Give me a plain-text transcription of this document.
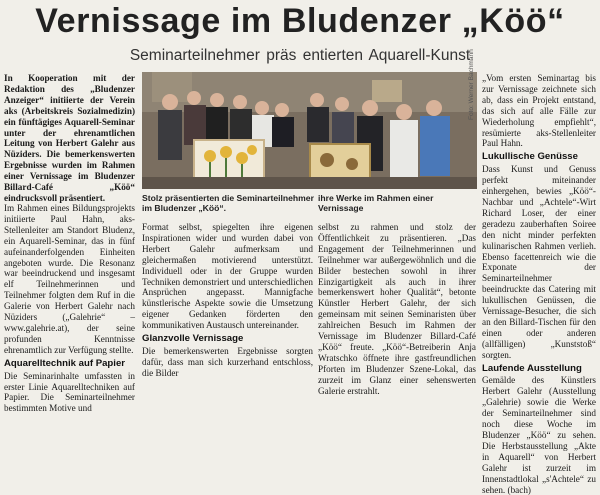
Vernissage im Bludenzer „Köö“
Seminarteilnehmer präs entierten Aquarell-Kunst

In Kooperation mit der Redaktion des „Bludenzer Anzeiger“ initiierte der Verein aks (Arbeitskreis Sozialmedizin) ein fünftägiges Aquarell-Seminar unter der ehrenamtlichen Leitung von Herbert Galehr aus Nüziders. Die bemerkenswerten Ergebnisse wurden im Rahmen einer Vernissage im Bludenzer Billard-Café „Köö“ eindrucksvoll präsentiert.

Im Rahmen eines Bildungsprojekts initiierte Paul Hahn, aks-Stellenleiter am Standort Bludenz, ein Aquarell-Seminar, das in fünf aufeinanderfolgenden Einheiten angeboten wurde. Die Resonanz war beeindruckend und insgesamt elf Teilnehmerinnen und Teilnehmer folgten dem Ruf in die Galerie von Herbert Galehr nach Nüziders („Galehrie“ – www.galehrie.at), der seine profunden Kenntnisse ehrenamtlich zur Verfügung stellte.

Aquarelltechnik auf Papier

Die Seminarinhalte umfassten in erster Linie Aquarelltechniken auf Papier. Die Seminarteilnehmer bestimmten Motive und

Foto: Werner Bachmann
Stolz präsentierten die Seminarteilnehmer im Bludenzer „Köö“.
ihre Werke im Rahmen einer Vernissage

Format selbst, spiegelten ihre eigenen Inspirationen wider und wurden dabei von Herbert Galehr aufmerksam und gleichermaßen motivierend unterstützt. Individuell oder in der Gruppe wurden Techniken demonstriert und unterschiedlichen Ansprüchen angepasst. Mannigfache künstlerische Aspekte sowie die Umsetzung eigener Gedanken förderten den kommunikativen Austausch untereinander.

Glanzvolle Vernissage

Die bemerkenswerten Ergebnisse sorgten dafür, dass man sich kurzerhand entschloss, die Bilder

selbst zu rahmen und stolz der Öffentlichkeit zu präsentieren. „Das Engagement der Teilnehmerinnen und Teilnehmer war außergewöhnlich und die Bilder bestechen sowohl in ihrer Einzigartigkeit als auch in ihrer bemerkenswert hoher Qualität“, betonte Künstler Herbert Galehr, der sich gemeinsam mit seinen Seminaristen über zahlreichen Besuch im Rahmen der Vernissage im Bludenzer Billard-Café „Köö“ freute. „Köö“-Betreiberin Anja Wratschko öffnete ihre gastfreundlichen Pforten im Bludenzer Szene-Lokal, das zurzeit im Glanz einer sehenswerten Galerie erstrahlt.

„Vom ersten Seminartag bis zur Vernissage zeichnete sich ab, dass ein Projekt entstand, das sich auf alle Fälle zur Wiederholung empfiehlt“, resümierte aks-Stellenleiter Paul Hahn.

Lukullische Genüsse

Dass Kunst und Genuss perfekt miteinander einhergehen, bewies „Köö“-Nachbar und „Achtele“-Wirt Richard Loser, der einer geradezu zauberhaften Soiree den nicht minder perfekten kulinarischen Rahmen verlieh. Ebenso facettenreich wie die Exponate der Seminarteilnehmer beeindruckte das Catering mit lukullischen Genüssen, die Vernissage-Besucher, die sich an den Billard-Tischen für den einen oder anderen (allfälligen) „Kunststoß“ sorgten.

Laufende Ausstellung

Gemälde des Künstlers Herbert Galehr (Ausstellung „Galehrie) sowie die Werke der Seminarteilnehmer sind noch diese Woche im Bludenzer „Köö“ zu sehen. Die Herbstausstellung „Akte in Aquarell“ von Herbert Galehr ist zurzeit im Innenstadtlokal „s'Achtele“ zu sehen. (bach)
